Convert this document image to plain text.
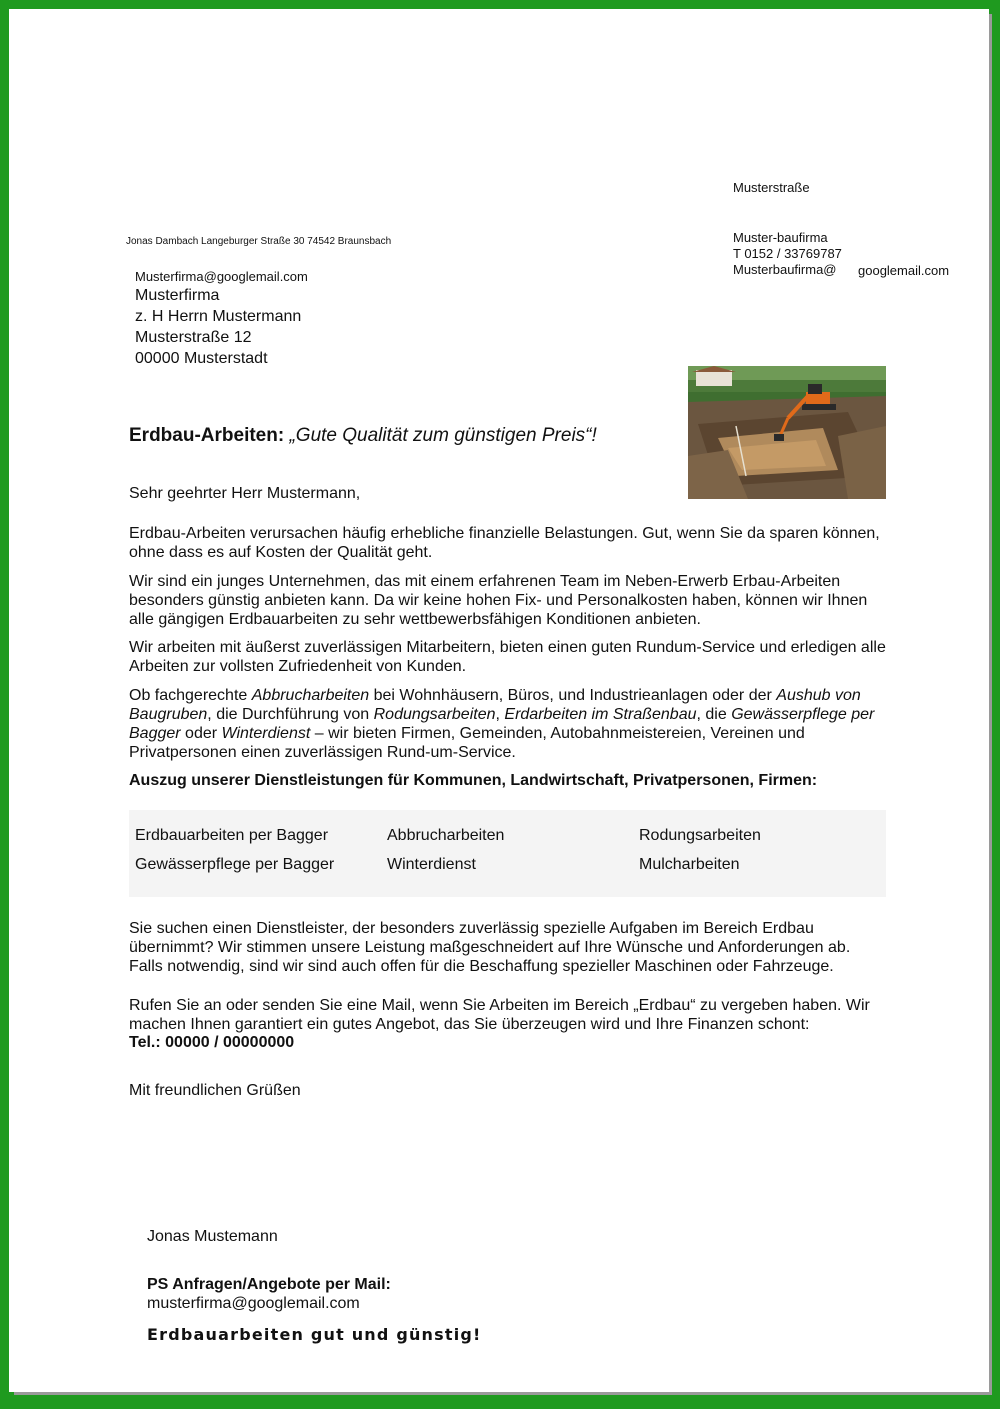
Musterstraße
Muster-baufirma
T 0152 / 33769787
Musterbaufirma@ googlemail.com
Jonas Dambach Langeburger Straße 30 74542 Braunsbach
Musterfirma@googlemail.com
Musterfirma
z. H Herrn Mustermann
Musterstraße 12
00000 Musterstadt
Erdbau-Arbeiten: „Gute Qualität zum günstigen Preis“!
Sehr geehrter Herr Mustermann,

Erdbau-Arbeiten verursachen häufig erhebliche finanzielle Belastungen. Gut, wenn Sie da sparen können, ohne dass es auf Kosten der Qualität geht.

Wir sind ein junges Unternehmen, das mit einem erfahrenen Team im Neben-Erwerb Erbau-Arbeiten besonders günstig anbieten kann. Da wir keine hohen Fix- und Personalkosten haben, können wir Ihnen alle gängigen Erdbauarbeiten zu sehr wettbewerbsfähigen Konditionen anbieten.

Wir arbeiten mit äußerst zuverlässigen Mitarbeitern, bieten einen guten Rundum-Service und erledigen alle Arbeiten zur vollsten Zufriedenheit von Kunden.

Ob fachgerechte Abbrucharbeiten bei Wohnhäusern, Büros, und Industrieanlagen oder der Aushub von Baugruben, die Durchführung von Rodungsarbeiten, Erdarbeiten im Straßenbau, die Gewässerpflege per Bagger oder Winterdienst – wir bieten Firmen, Gemeinden, Autobahnmeistereien, Vereinen und Privatpersonen einen zuverlässigen Rund-um-Service.

Auszug unserer Dienstleistungen für Kommunen, Landwirtschaft, Privatpersonen, Firmen:
Erdbauarbeiten per Bagger	Abbrucharbeiten	Rodungsarbeiten
Gewässerpflege per Bagger	Winterdienst	Mulcharbeiten

Sie suchen einen Dienstleister, der besonders zuverlässig spezielle Aufgaben im Bereich Erdbau übernimmt? Wir stimmen unsere Leistung maßgeschneidert auf Ihre Wünsche und Anforderungen ab. Falls notwendig, sind wir sind auch offen für die Beschaffung spezieller Maschinen oder Fahrzeuge.

Rufen Sie an oder senden Sie eine Mail, wenn Sie Arbeiten im Bereich „Erdbau“ zu vergeben haben. Wir machen Ihnen garantiert ein gutes Angebot, das Sie überzeugen wird und Ihre Finanzen schont:

Tel.: 00000 / 00000000
Mit freundlichen Grüßen
Jonas Mustemann
PS Anfragen/Angebote per Mail:
musterfirma@googlemail.com
Erdbauarbeiten gut und günstig!
